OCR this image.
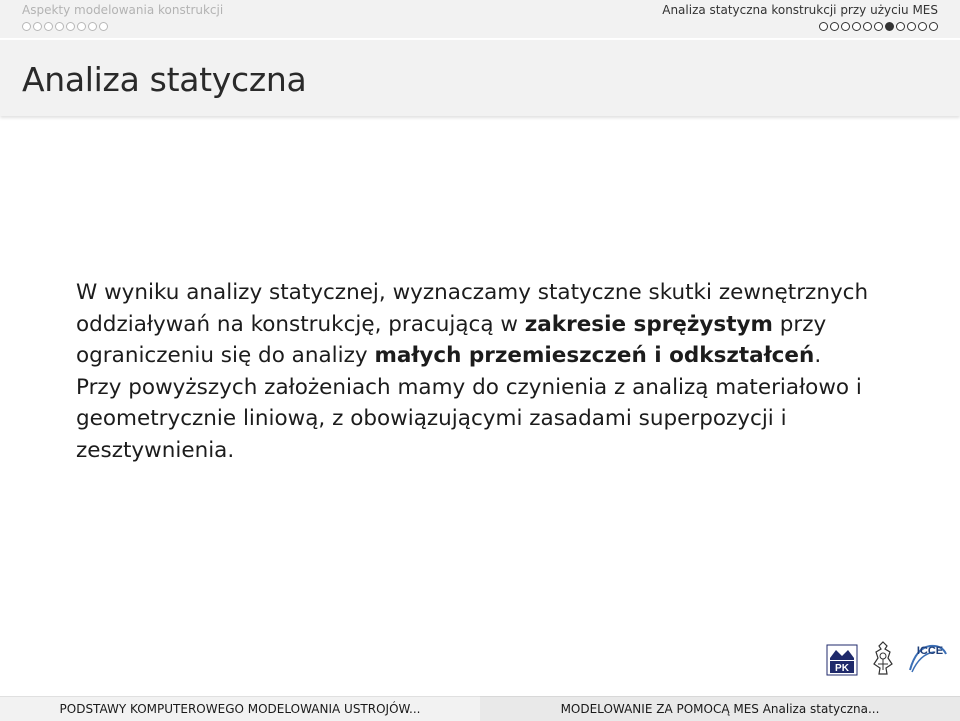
Aspekty modelowania konstrukcji	Analiza statyczna konstrukcji przy użyciu MES
Analiza statyczna

W wyniku analizy statycznej, wyznaczamy statyczne skutki zewnętrznych oddziaływań na konstrukcję, pracującą w zakresie sprężystym przy ograniczeniu się do analizy małych przemieszczeń i odkształceń.

Przy powyższych założeniach mamy do czynienia z analizą materiałowo i geometrycznie liniową, z obowiązującymi zasadami superpozycji i zesztywnienia.

PK
ICCE
PODSTAWY KOMPUTEROWEGO MODELOWANIA USTROJÓW...	MODELOWANIE ZA POMOCĄ MES Analiza statyczna...
